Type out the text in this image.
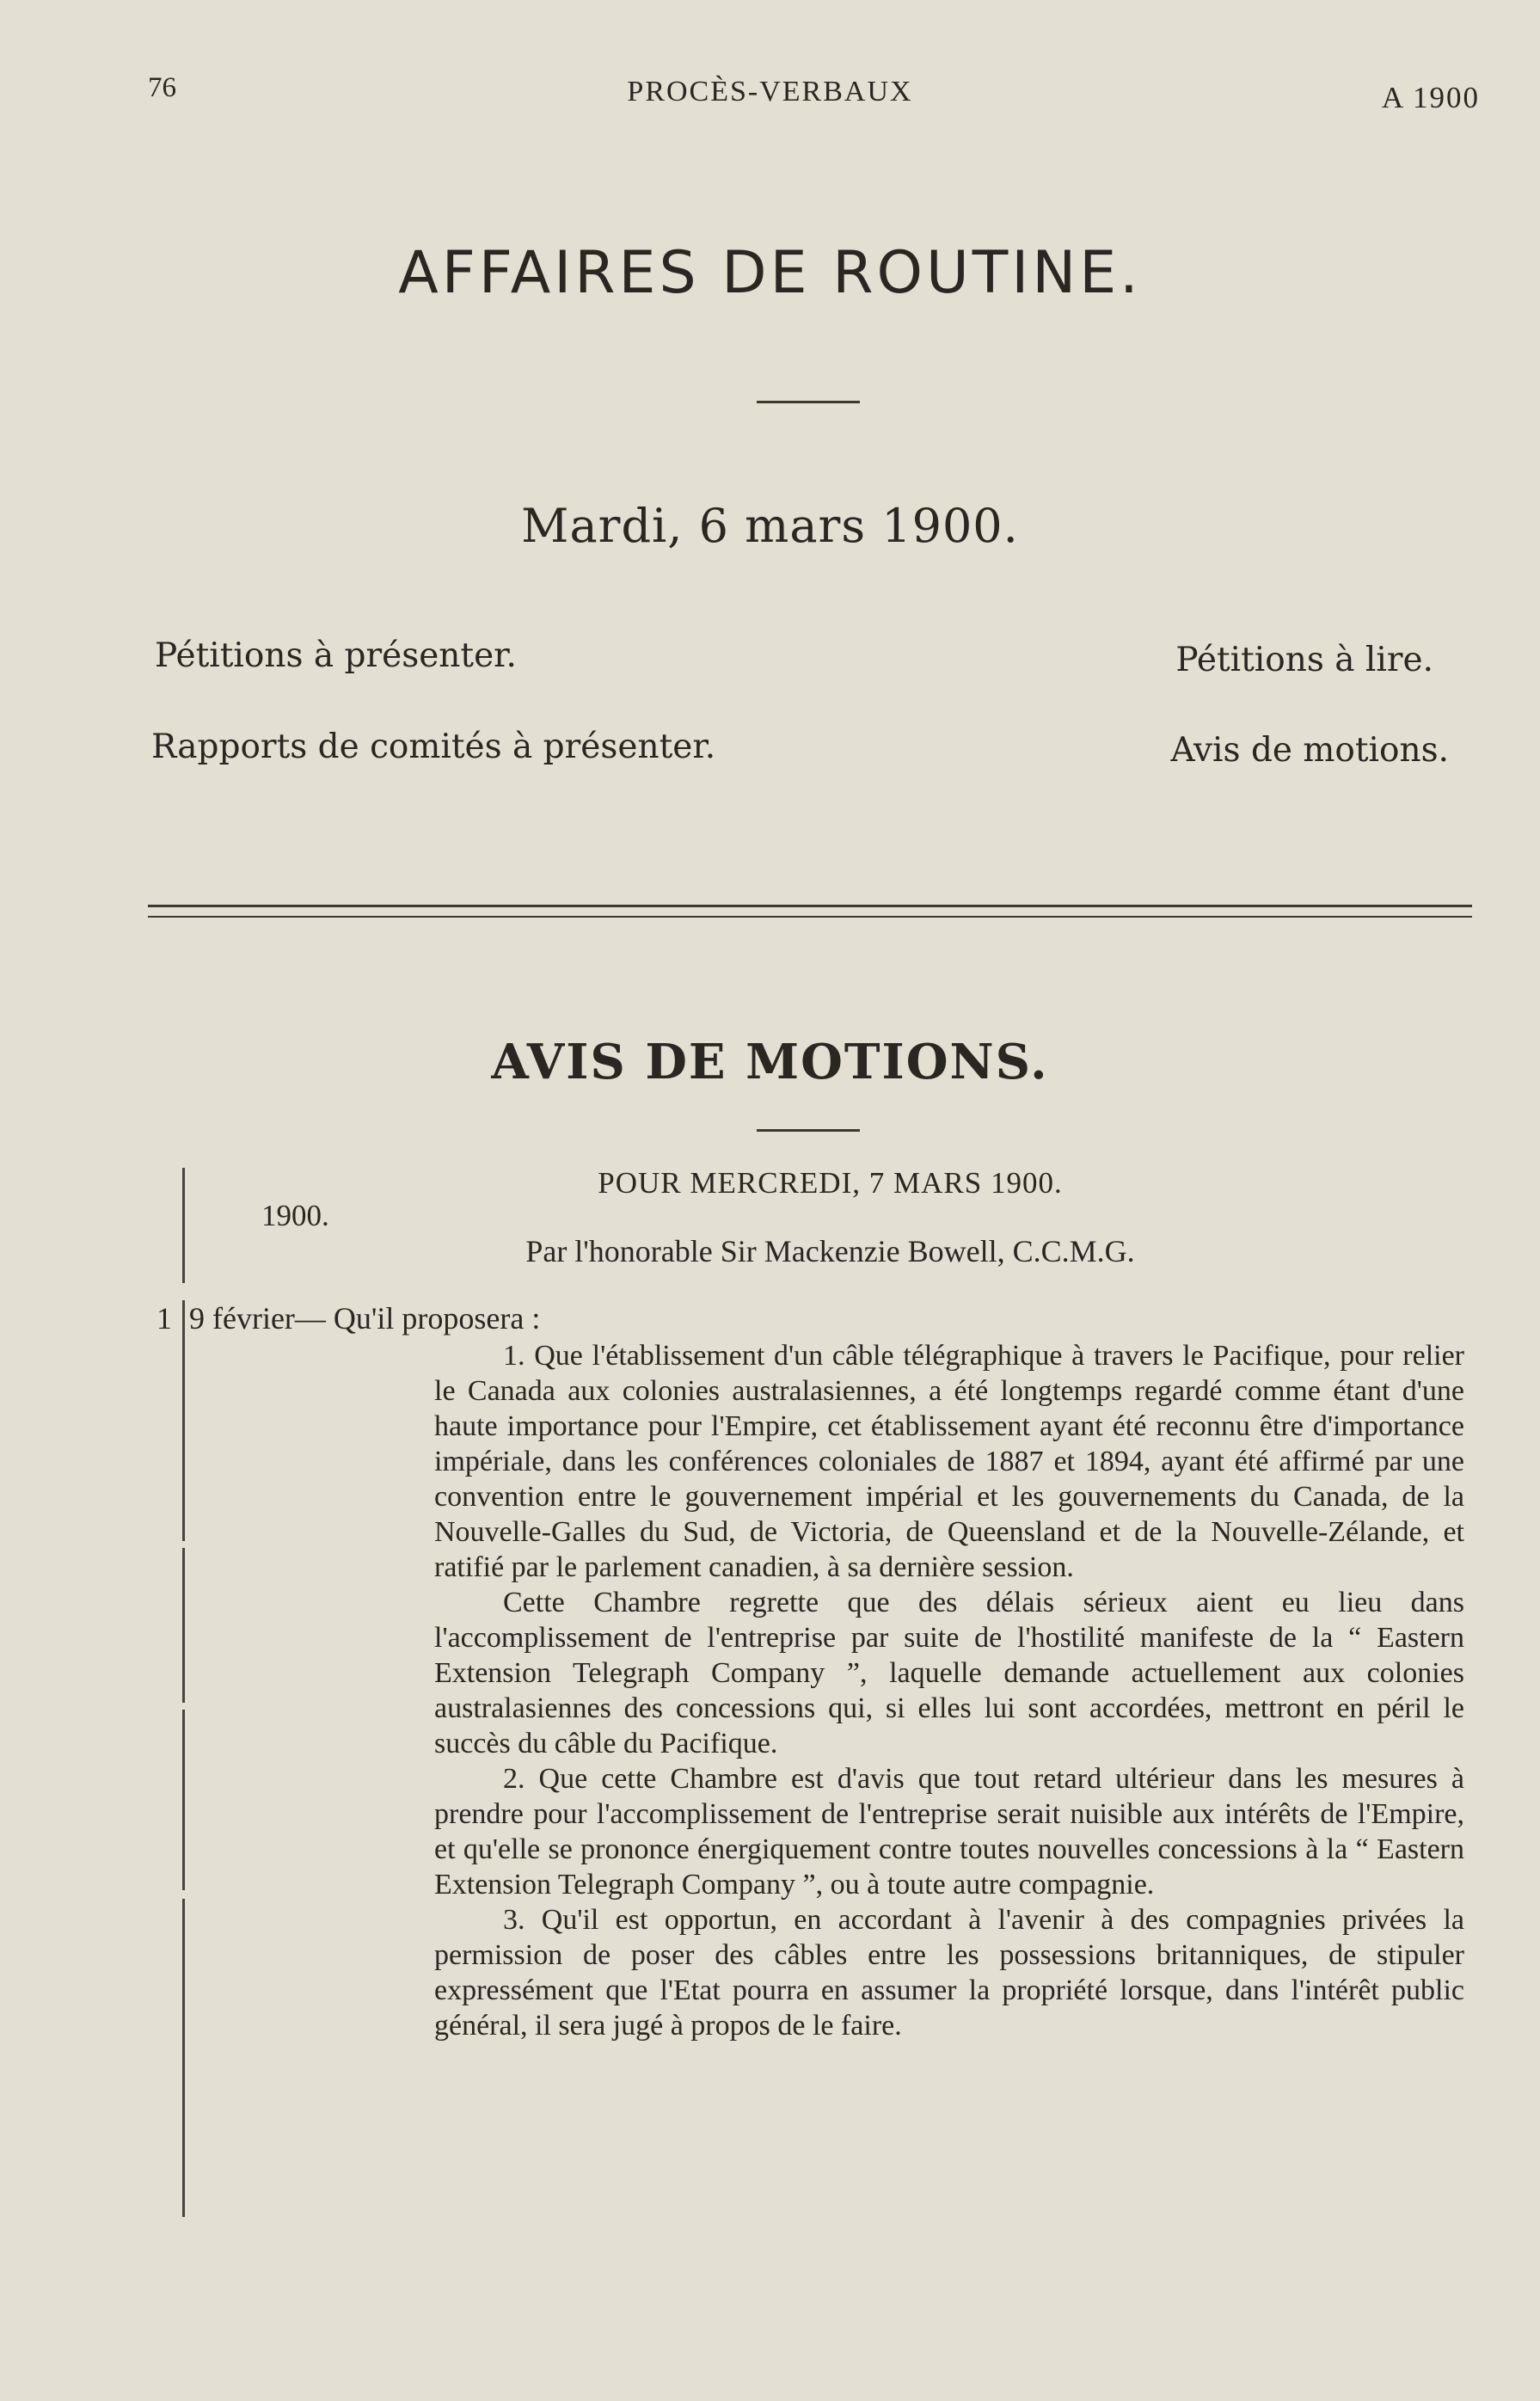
76	PROCÈS-VERBAUX	A 1900
AFFAIRES DE ROUTINE.
Mardi, 6 mars 1900.
Pétitions à présenter.	Pétitions à lire.
Rapports de comités à présenter.	Avis de motions.
AVIS DE MOTIONS.
POUR MERCREDI, 7 MARS 1900.
1900.
Par l'honorable Sir Mackenzie Bowell, C.C.M.G.
1 9 février— Qu'il proposera :

1. Que l'établissement d'un câble télégraphique à travers le Pacifique, pour relier le Canada aux colonies australasiennes, a été longtemps regardé comme étant d'une haute importance pour l'Empire, cet établissement ayant été reconnu être d'importance impériale, dans les conférences coloniales de 1887 et 1894, ayant été affirmé par une convention entre le gouvernement impérial et les gouvernements du Canada, de la Nouvelle-Galles du Sud, de Victoria, de Queensland et de la Nouvelle-Zélande, et ratifié par le parlement canadien, à sa dernière session.

Cette Chambre regrette que des délais sérieux aient eu lieu dans l'accomplissement de l'entreprise par suite de l'hostilité manifeste de la “ Eastern Extension Telegraph Company ”, laquelle demande actuellement aux colonies australasiennes des concessions qui, si elles lui sont accordées, mettront en péril le succès du câble du Pacifique.

2. Que cette Chambre est d'avis que tout retard ultérieur dans les mesures à prendre pour l'accomplissement de l'entreprise serait nuisible aux intérêts de l'Empire, et qu'elle se prononce énergiquement contre toutes nouvelles concessions à la “ Eastern Extension Telegraph Company ”, ou à toute autre compagnie.

3. Qu'il est opportun, en accordant à l'avenir à des compagnies privées la permission de poser des câbles entre les possessions britanniques, de stipuler expressément que l'Etat pourra en assumer la propriété lorsque, dans l'intérêt public général, il sera jugé à propos de le faire.
